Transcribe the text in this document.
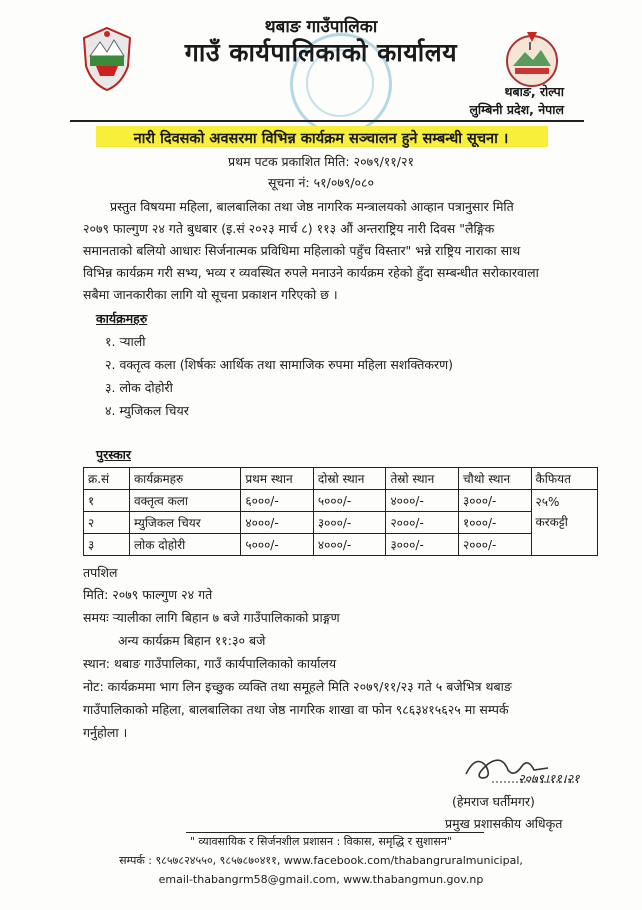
थबाङ गाउँपालिका
गाउँ कार्यपालिकाको कार्यालय
थबाङ, रोल्पा
लुम्बिनी प्रदेश, नेपाल
नारी दिवसको अवसरमा विभिन्न कार्यक्रम सञ्चालन हुने सम्बन्धी सूचना ।
प्रथम पटक प्रकाशित मिति: २०७९/११/२१
सूचना नं: ५१/०७९/०८०
प्रस्तुत विषयमा महिला, बालबालिका तथा जेष्ठ नागरिक मन्त्रालयको आव्हान पत्रानुसार मिति
२०७९ फाल्गुण २४ गते बुधबार (इ.सं २०२३ मार्च ८) ११३ औं अन्तराष्ट्रिय नारी दिवस "लैङ्गिक
समानताको बलियो आधारः सिर्जनात्मक प्रविधिमा महिलाको पहुँच विस्तार" भन्ने राष्ट्रिय नाराका साथ
विभिन्न कार्यक्रम गरी सभ्य, भव्य र व्यवस्थित रुपले मनाउने कार्यक्रम रहेको हुँदा सम्बन्धीत सरोकारवाला
सबैमा जानकारीका लागि यो सूचना प्रकाशन गरिएको छ ।
कार्यक्रमहरु
१. ऱ्याली
२. वक्तृत्व कला (शिर्षकः आर्थिक तथा सामाजिक रुपमा महिला सशक्तिकरण)
३. लोक दोहोरी
४. म्युजिकल चियर
पुरस्कार
क्र.सं	कार्यक्रमहरु	प्रथम स्थान	दोस्रो स्थान	तेस्रो स्थान	चौथो स्थान	कैफियत
१	वक्तृत्व कला	६०००/-	५०००/-	४०००/-	३०००/-	२५%
करकट्टी

२	म्युजिकल चियर	४०००/-	३०००/-	२०००/-	१०००/-	
३	लोक दोहोरी	५०००/-	४०००/-	३०००/-	२०००/-	
तपशिल
मिति: २०७९ फाल्गुण २४ गते
समयः ऱ्यालीका लागि बिहान ७ बजे गाउँपालिकाको प्राङ्गण
अन्य कार्यक्रम बिहान ११:३० बजे
स्थान: थबाङ गाउँपालिका, गाउँ कार्यपालिकाको कार्यालय
नोट: कार्यक्रममा भाग लिन इच्छुक व्यक्ति तथा समूहले मिति २०७९/११/२३ गते ५ बजेभित्र थबाङ
गाउँपालिकाको महिला, बालबालिका तथा जेष्ठ नागरिक शाखा वा फोन ९८६३४१५६२५ मा सम्पर्क
गर्नुहोला ।
२०७९।११।२१
(हेमराज घर्तीमगर)
प्रमुख प्रशासकीय अधिकृत
" व्यावसायिक र सिर्जनशील प्रशासन : विकास, समृद्धि र सुशासन"
सम्पर्क : ९८५७८२४५५०, ९८५७८७०४११, www.facebook.com/thabangruralmunicipal,
email-thabangrm58@gmail.com, www.thabangmun.gov.np
